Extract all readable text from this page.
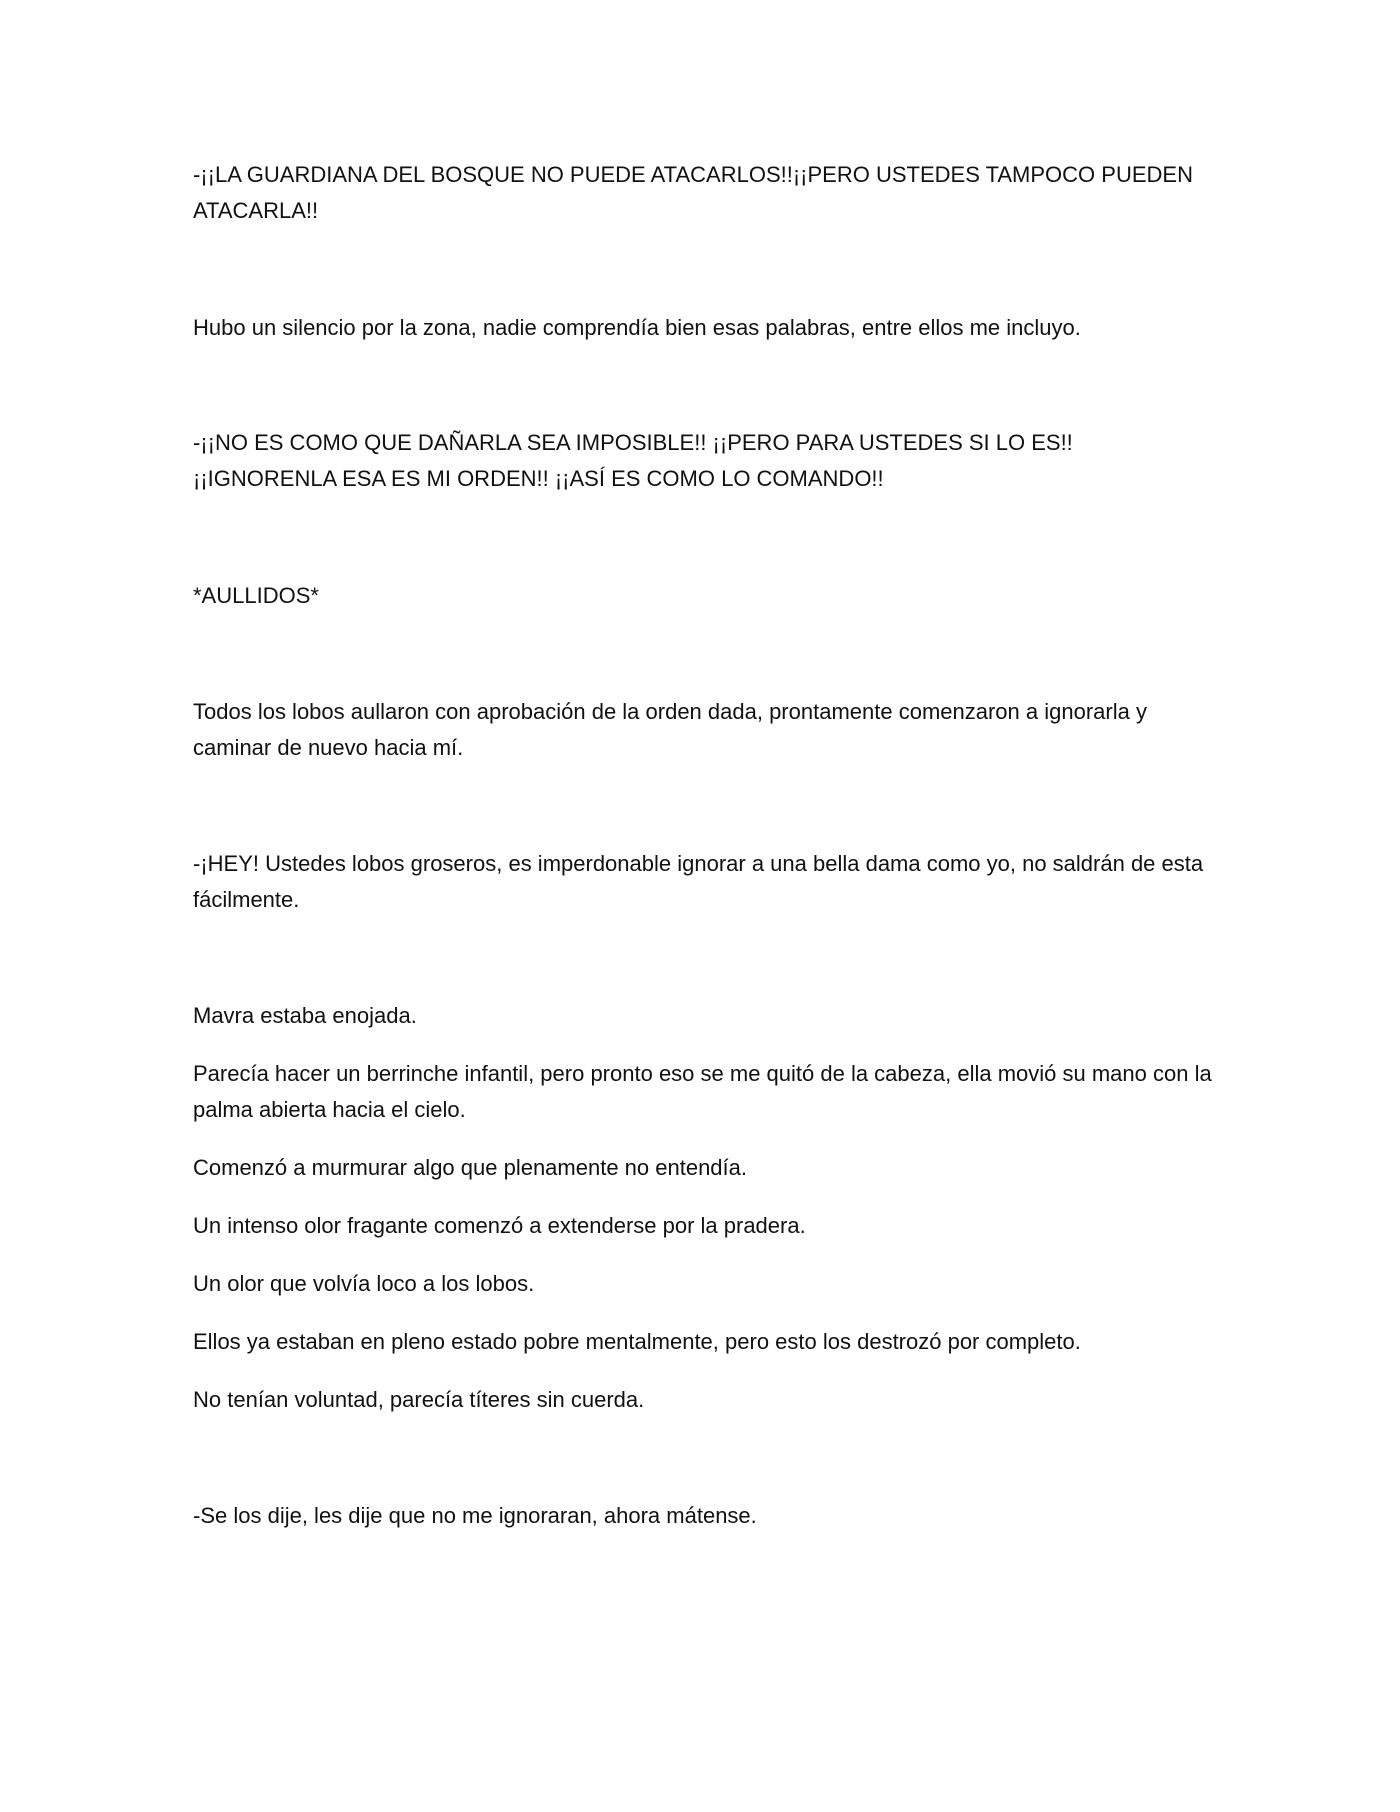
-¡¡LA GUARDIANA DEL BOSQUE NO PUEDE ATACARLOS!!¡¡PERO USTEDES TAMPOCO PUEDEN ATACARLA!!

Hubo un silencio por la zona, nadie comprendía bien esas palabras, entre ellos me incluyo.

-¡¡NO ES COMO QUE DAÑARLA SEA IMPOSIBLE!! ¡¡PERO PARA USTEDES SI LO ES!! ¡¡IGNORENLA ESA ES MI ORDEN!! ¡¡ASÍ ES COMO LO COMANDO!!

*AULLIDOS*

Todos los lobos aullaron con aprobación de la orden dada, prontamente comenzaron a ignorarla y caminar de nuevo hacia mí.

-¡HEY! Ustedes lobos groseros, es imperdonable ignorar a una bella dama como yo, no saldrán de esta fácilmente.

Mavra estaba enojada.

Parecía hacer un berrinche infantil, pero pronto eso se me quitó de la cabeza, ella movió su mano con la palma abierta hacia el cielo.

Comenzó a murmurar algo que plenamente no entendía.

Un intenso olor fragante comenzó a extenderse por la pradera.

Un olor que volvía loco a los lobos.

Ellos ya estaban en pleno estado pobre mentalmente, pero esto los destrozó por completo.

No tenían voluntad, parecía títeres sin cuerda.

-Se los dije, les dije que no me ignoraran, ahora mátense.
